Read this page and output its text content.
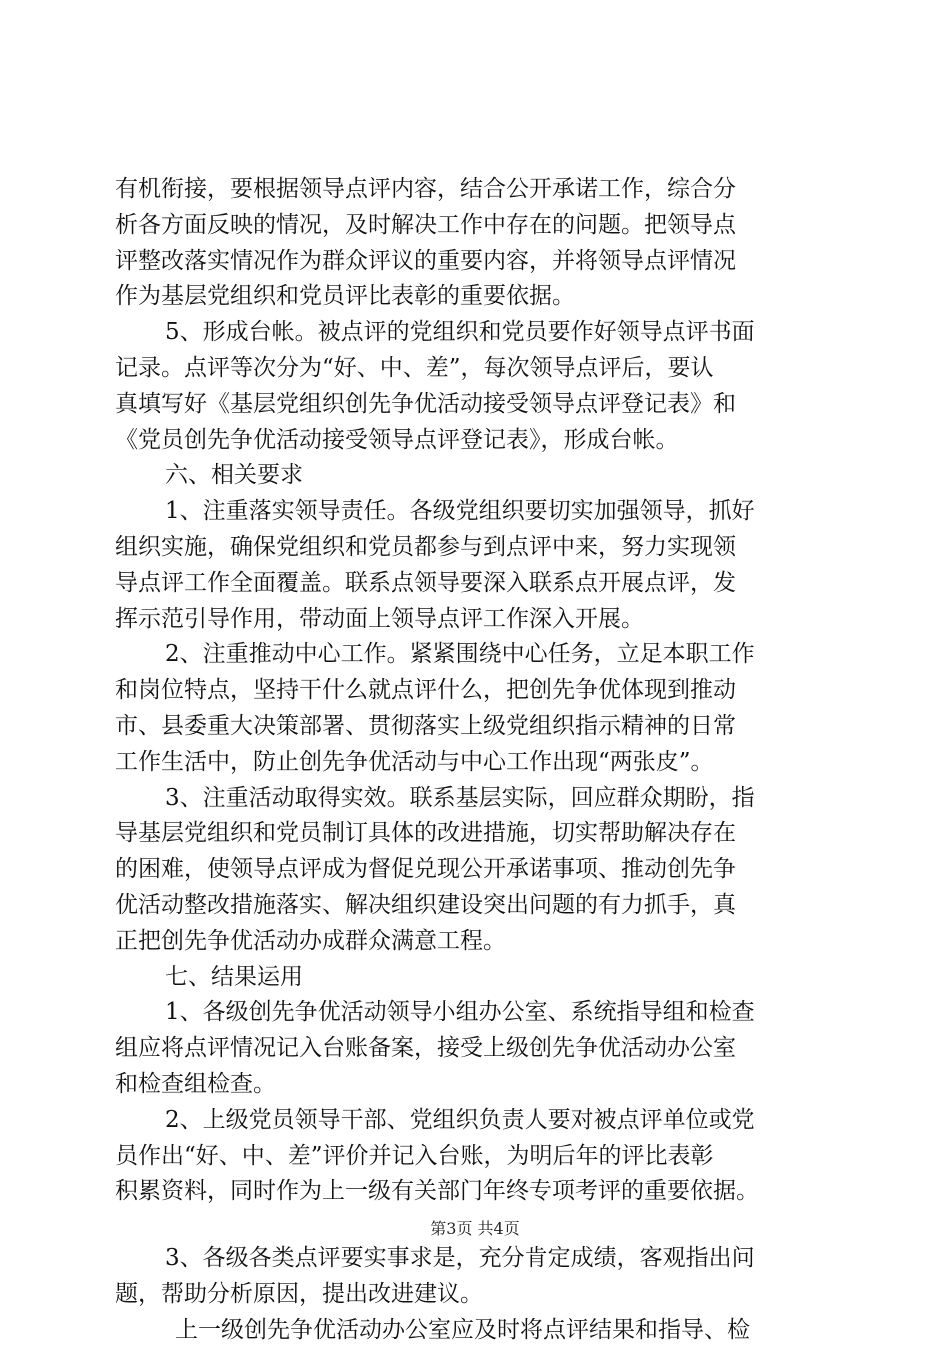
有机衔接，要根据领导点评内容，结合公开承诺工作，综合分
析各方面反映的情况，及时解决工作中存在的问题。把领导点
评整改落实情况作为群众评议的重要内容，并将领导点评情况
作为基层党组织和党员评比表彰的重要依据。
5、形成台帐。被点评的党组织和党员要作好领导点评书面
记录。点评等次分为“好、中、差”，每次领导点评后，要认
真填写好《基层党组织创先争优活动接受领导点评登记表》和
《党员创先争优活动接受领导点评登记表》，形成台帐。
六、相关要求
1、注重落实领导责任。各级党组织要切实加强领导，抓好
组织实施，确保党组织和党员都参与到点评中来，努力实现领
导点评工作全面覆盖。联系点领导要深入联系点开展点评，发
挥示范引导作用，带动面上领导点评工作深入开展。
2、注重推动中心工作。紧紧围绕中心任务，立足本职工作
和岗位特点，坚持干什么就点评什么，把创先争优体现到推动
市、县委重大决策部署、贯彻落实上级党组织指示精神的日常
工作生活中，防止创先争优活动与中心工作出现“两张皮”。
3、注重活动取得实效。联系基层实际，回应群众期盼，指
导基层党组织和党员制订具体的改进措施，切实帮助解决存在
的困难，使领导点评成为督促兑现公开承诺事项、推动创先争
优活动整改措施落实、解决组织建设突出问题的有力抓手，真
正把创先争优活动办成群众满意工程。
七、结果运用
1、各级创先争优活动领导小组办公室、系统指导组和检查
组应将点评情况记入台账备案，接受上级创先争优活动办公室
和检查组检查。
2、上级党员领导干部、党组织负责人要对被点评单位或党
员作出“好、中、差”评价并记入台账，为明后年的评比表彰
积累资料，同时作为上一级有关部门年终专项考评的重要依据。
3、各级各类点评要实事求是，充分肯定成绩，客观指出问
题，帮助分析原因，提出改进建议。
上一级创先争优活动办公室应及时将点评结果和指导、检
第3页 共4页
